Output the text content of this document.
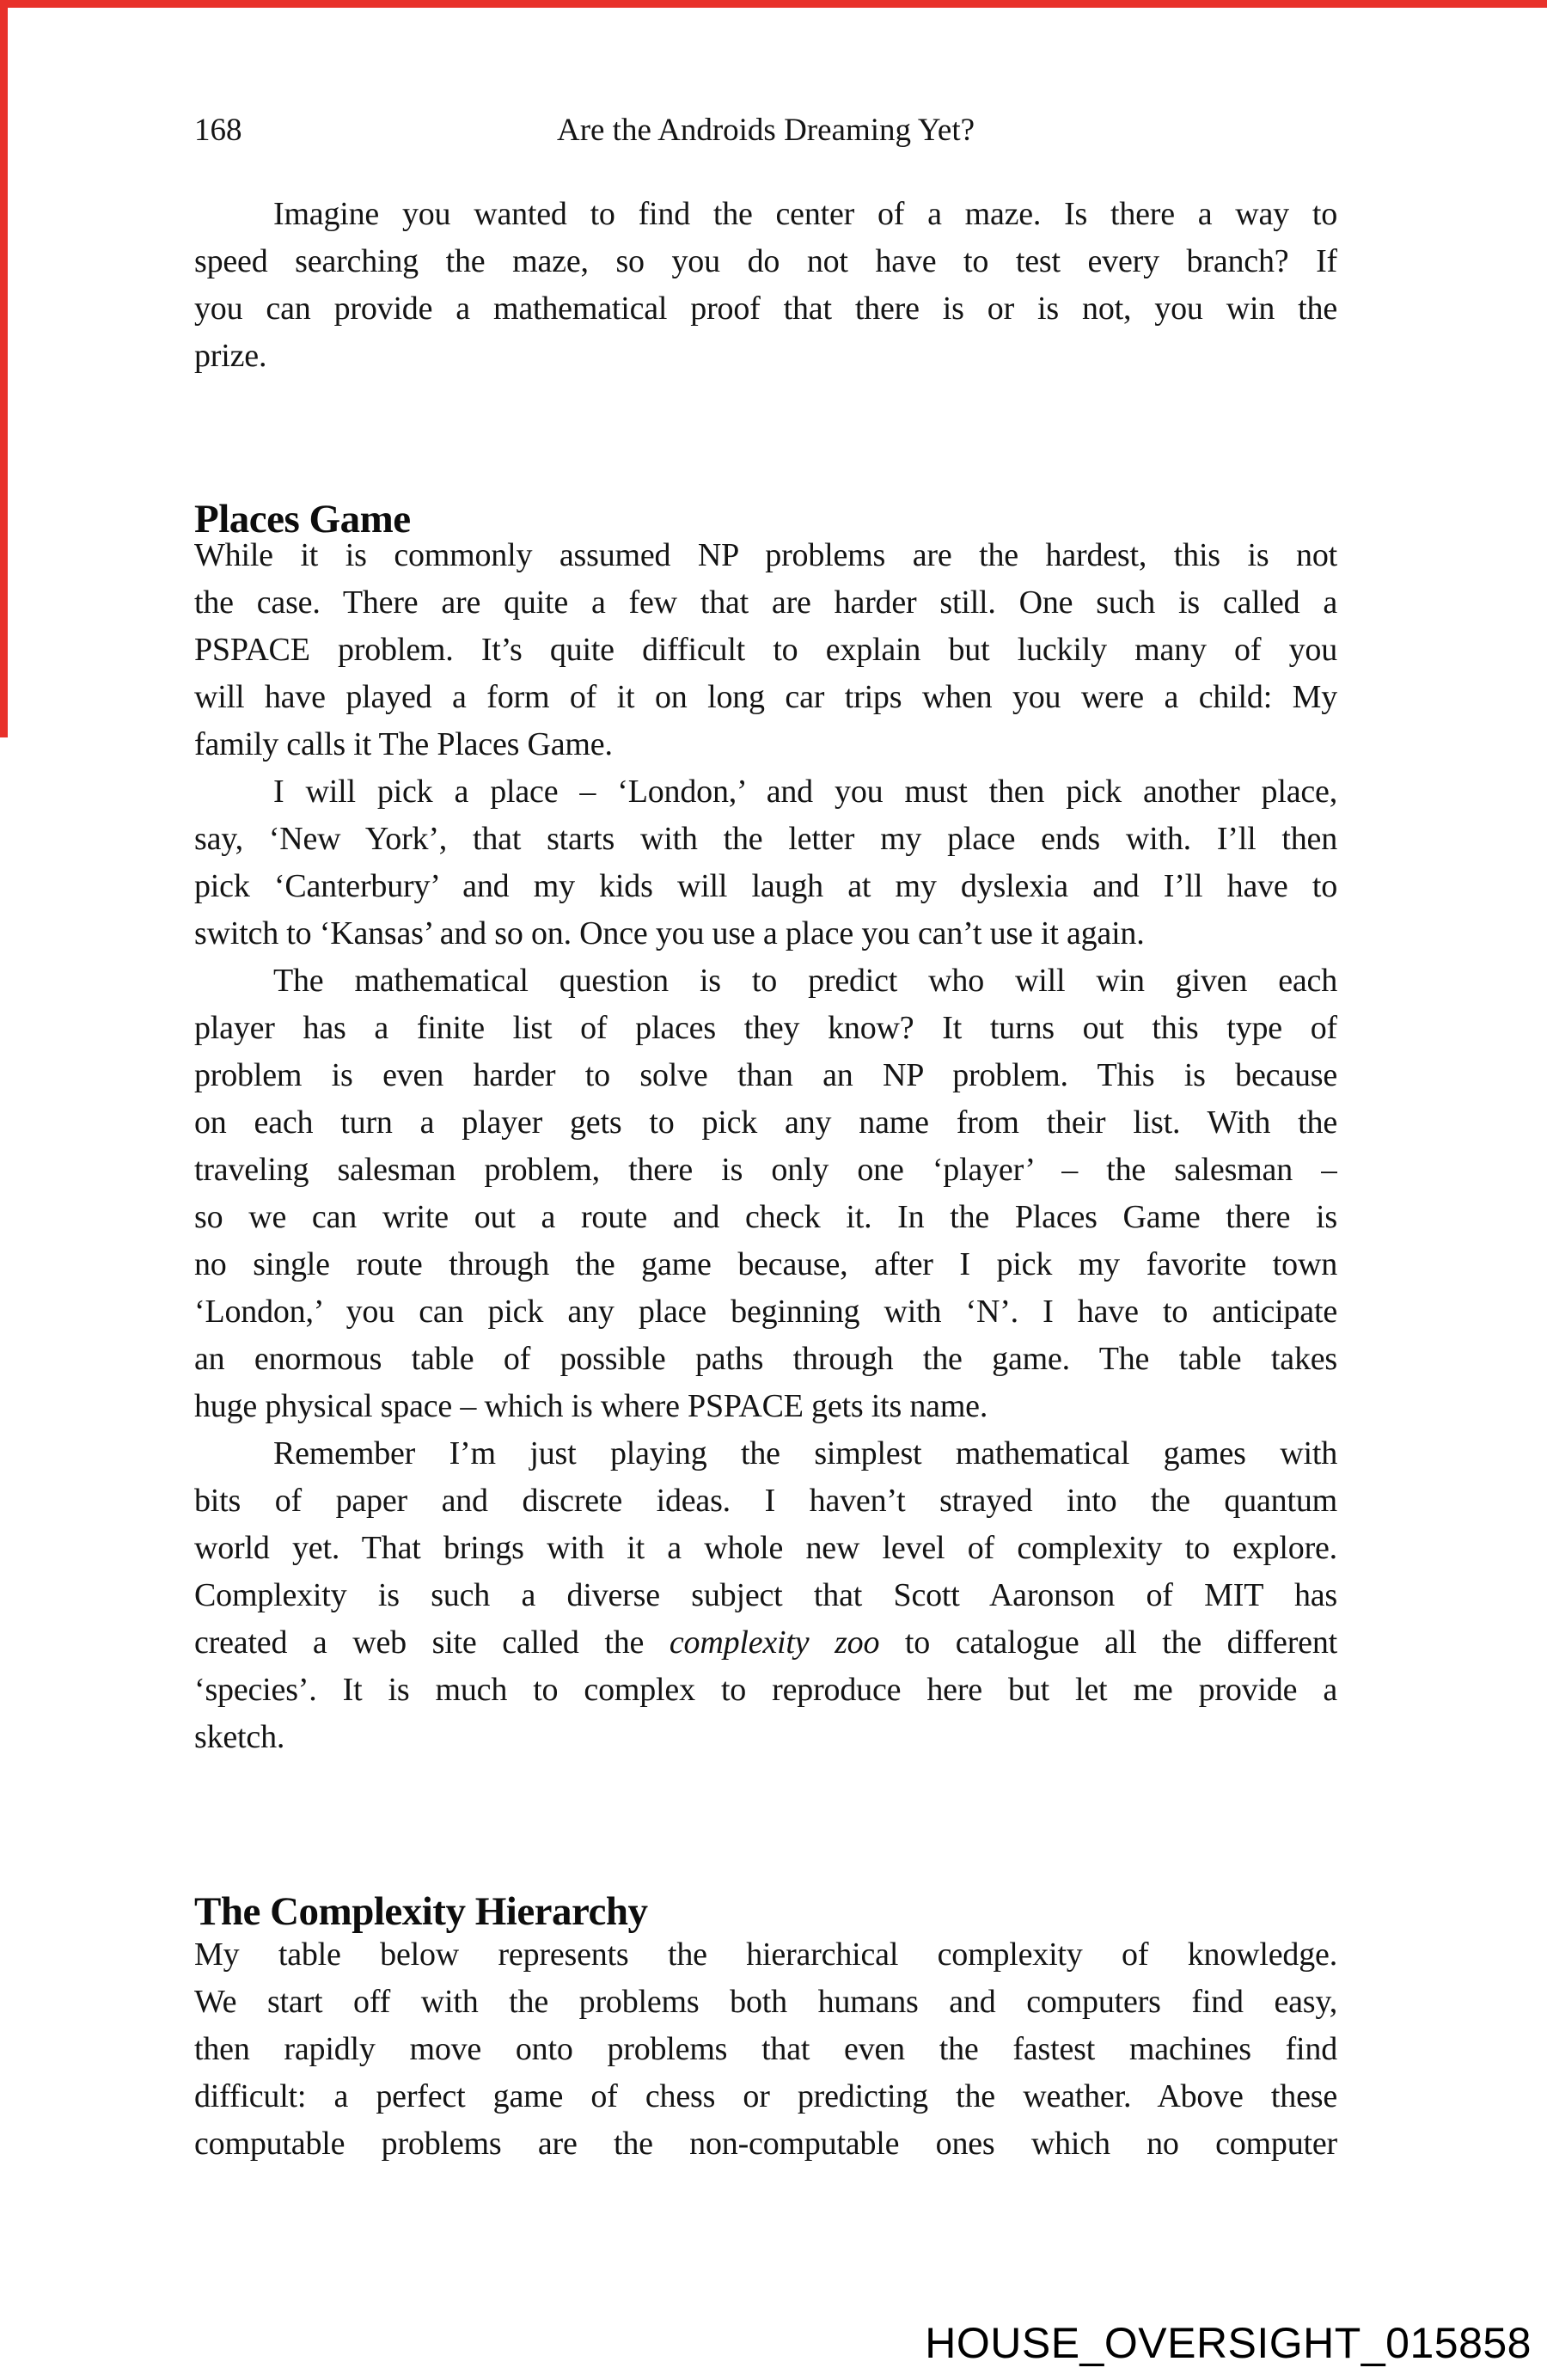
168	Are the Androids Dreaming Yet?
Imagine you wanted to find the center of a maze. Is there a way to
speed searching the maze, so you do not have to test every branch? If
you can provide a mathematical proof that there is or is not, you win the
prize.
Places Game
While it is commonly assumed NP problems are the hardest, this is not
the case. There are quite a few that are harder still. One such is called a
PSPACE problem. It’s quite difficult to explain but luckily many of you
will have played a form of it on long car trips when you were a child: My
family calls it The Places Game.
I will pick a place – ‘London,’ and you must then pick another place,
say, ‘New York’, that starts with the letter my place ends with. I’ll then
pick ‘Canterbury’ and my kids will laugh at my dyslexia and I’ll have to
switch to ‘Kansas’ and so on. Once you use a place you can’t use it again.
The mathematical question is to predict who will win given each
player has a finite list of places they know? It turns out this type of
problem is even harder to solve than an NP problem. This is because
on each turn a player gets to pick any name from their list. With the
traveling salesman problem, there is only one ‘player’ – the salesman –
so we can write out a route and check it. In the Places Game there is
no single route through the game because, after I pick my favorite town
‘London,’ you can pick any place beginning with ‘N’. I have to anticipate
an enormous table of possible paths through the game. The table takes
huge physical space – which is where PSPACE gets its name.
Remember I’m just playing the simplest mathematical games with
bits of paper and discrete ideas. I haven’t strayed into the quantum
world yet. That brings with it a whole new level of complexity to explore.
Complexity is such a diverse subject that Scott Aaronson of MIT has
created a web site called the complexity zoo to catalogue all the different
‘species’. It is much to complex to reproduce here but let me provide a
sketch.
The Complexity Hierarchy
My table below represents the hierarchical complexity of knowledge.
We start off with the problems both humans and computers find easy,
then rapidly move onto problems that even the fastest machines find
difficult: a perfect game of chess or predicting the weather. Above these
computable problems are the non-computable ones which no computer
HOUSE_OVERSIGHT_015858
